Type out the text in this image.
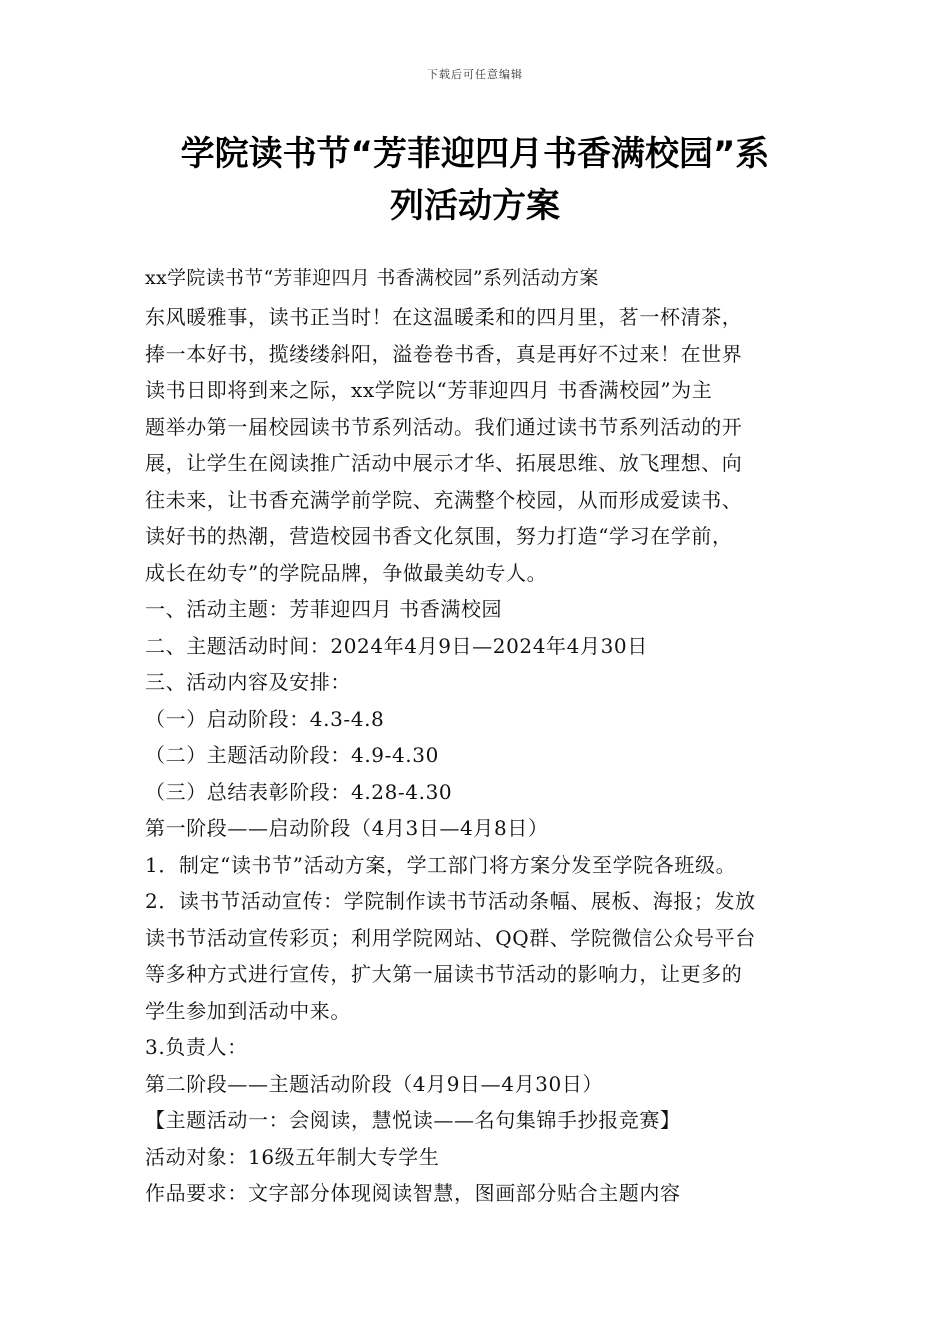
下载后可任意编辑
学院读书节“芳菲迎四月书香满校园”系
列活动方案
xx学院读书节“芳菲迎四月 书香满校园”系列活动方案
东风暖雅事，读书正当时！在这温暖柔和的四月里，茗一杯清茶，
捧一本好书，揽缕缕斜阳，溢卷卷书香，真是再好不过来！在世界
读书日即将到来之际，xx学院以“芳菲迎四月 书香满校园”为主
题举办第一届校园读书节系列活动。我们通过读书节系列活动的开
展，让学生在阅读推广活动中展示才华、拓展思维、放飞理想、向
往未来，让书香充满学前学院、充满整个校园，从而形成爱读书、
读好书的热潮，营造校园书香文化氛围，努力打造“学习在学前，
成长在幼专”的学院品牌，争做最美幼专人。
一、活动主题：芳菲迎四月 书香满校园
二、主题活动时间：2024年4月9日—2024年4月30日
三、活动内容及安排：
（一）启动阶段：4.3-4.8
（二）主题活动阶段：4.9-4.30
（三）总结表彰阶段：4.28-4.30
第一阶段——启动阶段（4月3日—4月8日）
1．制定“读书节”活动方案，学工部门将方案分发至学院各班级。
2．读书节活动宣传：学院制作读书节活动条幅、展板、海报；发放
读书节活动宣传彩页；利用学院网站、QQ群、学院微信公众号平台
等多种方式进行宣传，扩大第一届读书节活动的影响力，让更多的
学生参加到活动中来。
3.负责人：
第二阶段——主题活动阶段（4月9日—4月30日）
【主题活动一：会阅读，慧悦读——名句集锦手抄报竞赛】
活动对象：16级五年制大专学生
作品要求：文字部分体现阅读智慧，图画部分贴合主题内容
